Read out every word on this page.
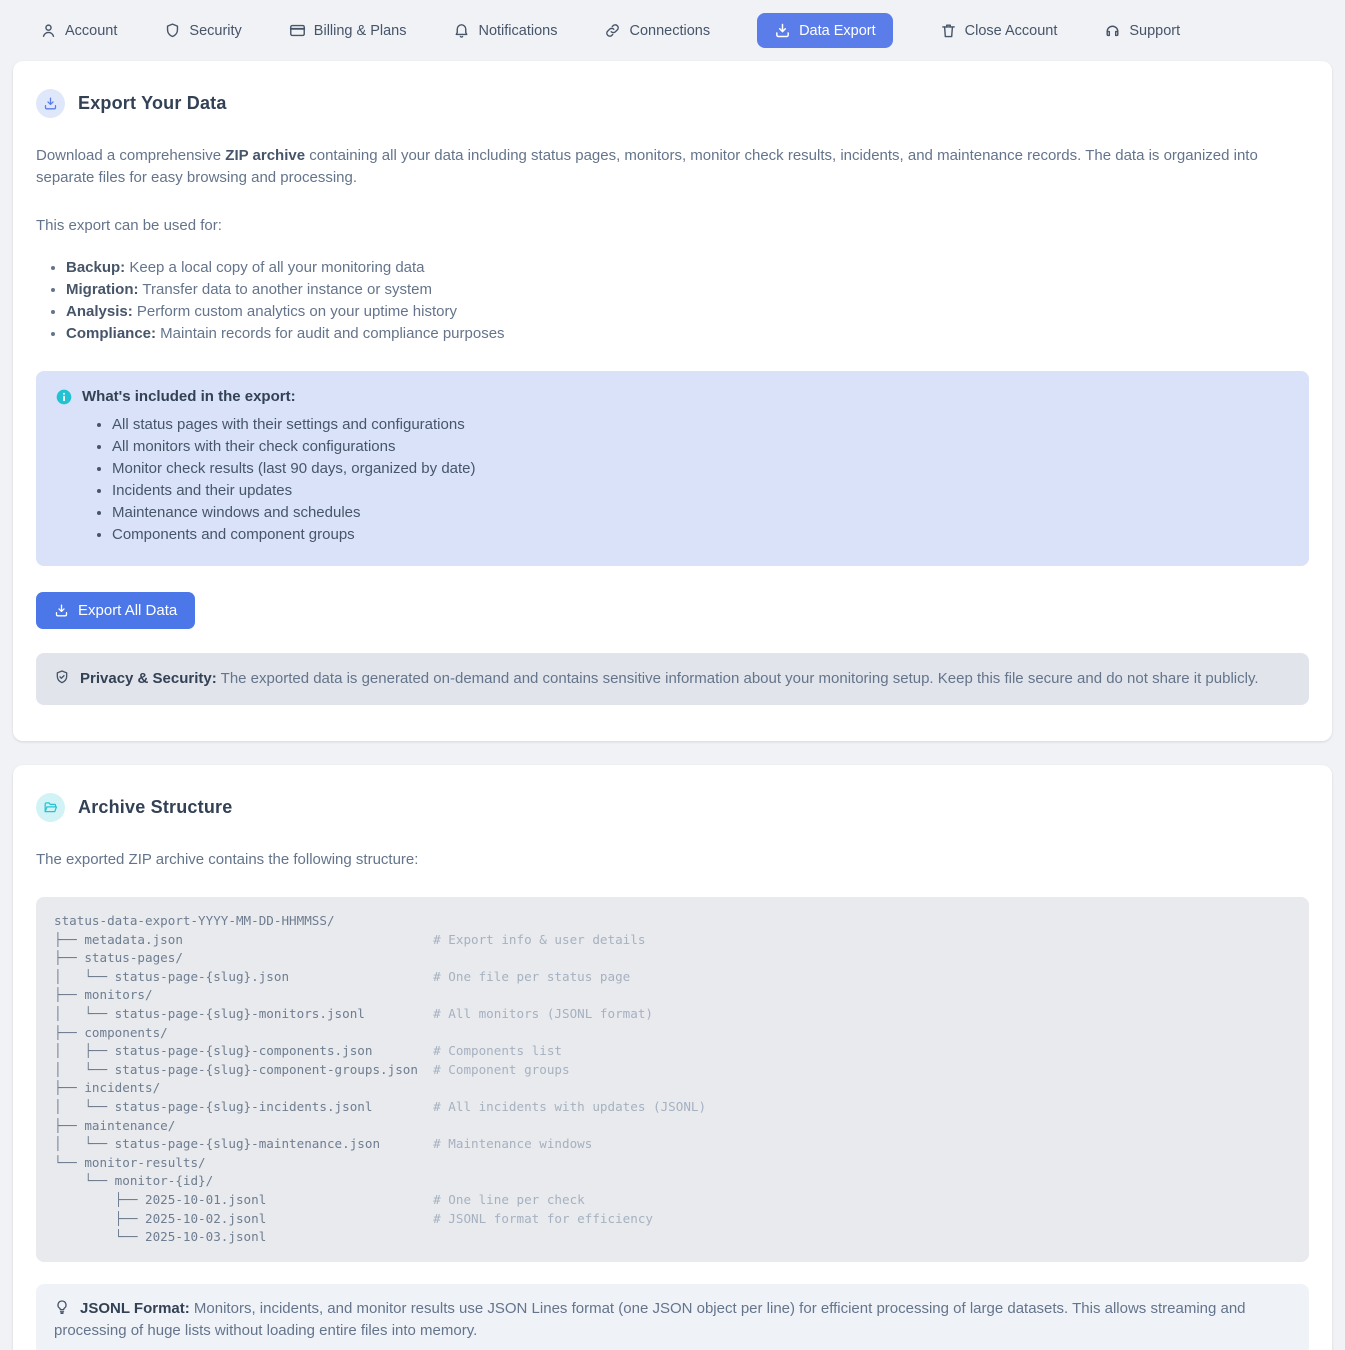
Account	Security	Billing & Plans	Notifications	Connections	Data Export	Close Account	Support
Export Your Data

Download a comprehensive ZIP archive containing all your data including status pages, monitors, monitor check results, incidents, and maintenance records. The data is organized into separate files for easy browsing and processing.

This export can be used for:

• Backup: Keep a local copy of all your monitoring data
• Migration: Transfer data to another instance or system
• Analysis: Perform custom analytics on your uptime history
• Compliance: Maintain records for audit and compliance purposes
What's included in the export:
• All status pages with their settings and configurations
• All monitors with their check configurations
• Monitor check results (last 90 days, organized by date)
• Incidents and their updates
• Maintenance windows and schedules
• Components and component groups
Export All Data
Privacy & Security: The exported data is generated on-demand and contains sensitive information about your monitoring setup. Keep this file secure and do not share it publicly.
Archive Structure

The exported ZIP archive contains the following structure:

status-data-export-YYYY-MM-DD-HHMMSS/
├── metadata.json                                 # Export info & user details
├── status-pages/
│   └── status-page-{slug}.json                   # One file per status page
├── monitors/
│   └── status-page-{slug}-monitors.jsonl         # All monitors (JSONL format)
├── components/
│   ├── status-page-{slug}-components.json        # Components list
│   └── status-page-{slug}-component-groups.json  # Component groups
├── incidents/
│   └── status-page-{slug}-incidents.jsonl        # All incidents with updates (JSONL)
├── maintenance/
│   └── status-page-{slug}-maintenance.json       # Maintenance windows
└── monitor-results/
└── monitor-{id}/
├── 2025-10-01.jsonl                      # One line per check
├── 2025-10-02.jsonl                      # JSONL format for efficiency
└── 2025-10-03.jsonl
JSONL Format: Monitors, incidents, and monitor results use JSON Lines format (one JSON object per line) for efficient processing of large datasets. This allows streaming and processing of huge lists without loading entire files into memory.
